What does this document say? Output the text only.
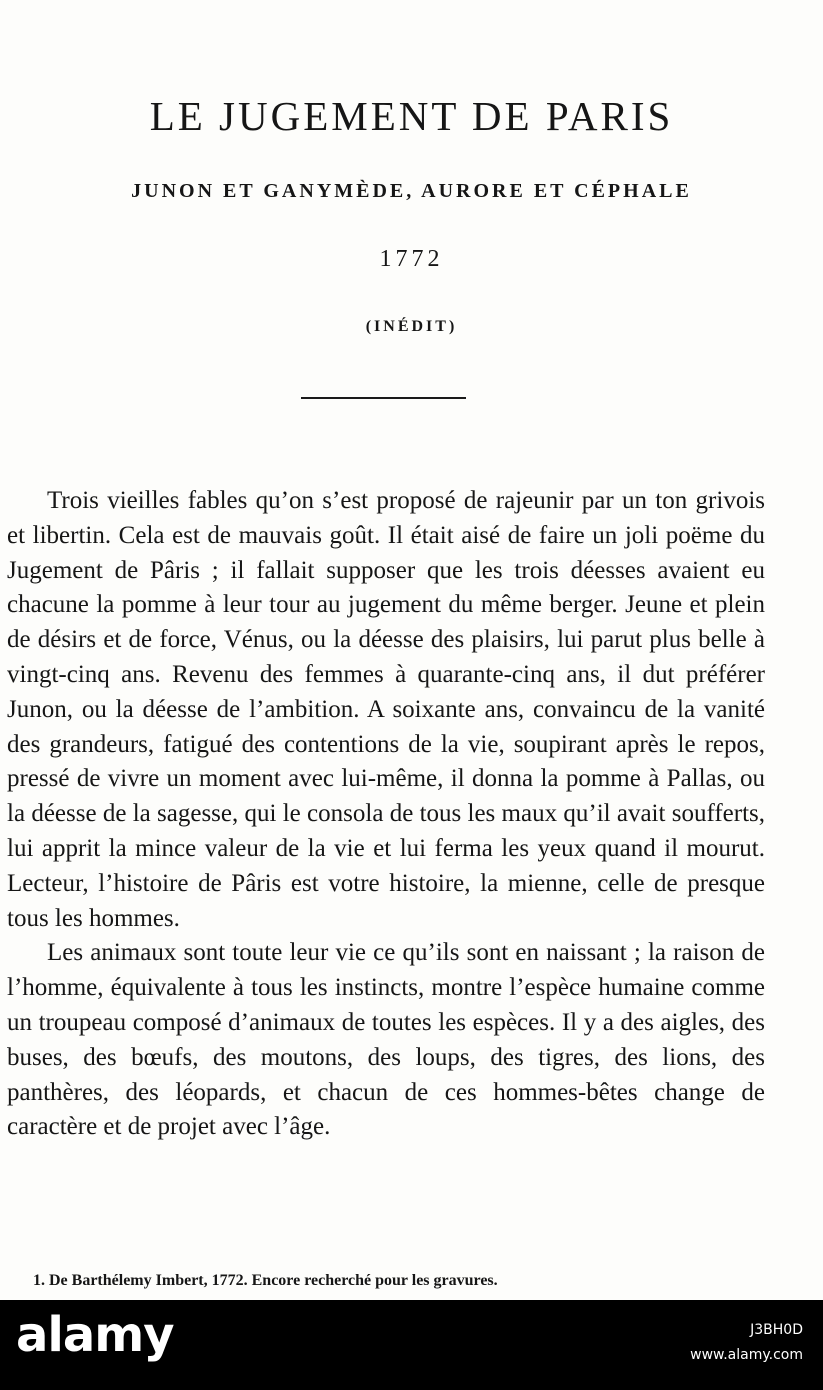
LE JUGEMENT DE PARIS
JUNON ET GANYMÈDE, AURORE ET CÉPHALE
1772
(INÉDIT)

Trois vieilles fables qu’on s’est proposé de rajeunir par un ton grivois et libertin. Cela est de mauvais goût. Il était aisé de faire un joli poëme du Jugement de Pâris ; il fallait supposer que les trois déesses avaient eu chacune la pomme à leur tour au jugement du même berger. Jeune et plein de désirs et de force, Vénus, ou la déesse des plaisirs, lui parut plus belle à vingt-cinq ans. Revenu des femmes à quarante-cinq ans, il dut préférer Junon, ou la déesse de l’ambition. A soixante ans, convaincu de la vanité des grandeurs, fatigué des contentions de la vie, soupirant après le repos, pressé de vivre un moment avec lui-même, il donna la pomme à Pallas, ou la déesse de la sagesse, qui le consola de tous les maux qu’il avait soufferts, lui apprit la mince valeur de la vie et lui ferma les yeux quand il mourut. Lecteur, l’histoire de Pâris est votre histoire, la mienne, celle de presque tous les hommes.

Les animaux sont toute leur vie ce qu’ils sont en naissant ; la raison de l’homme, équivalente à tous les instincts, montre l’espèce humaine comme un troupeau composé d’animaux de toutes les espèces. Il y a des aigles, des buses, des bœufs, des moutons, des loups, des tigres, des lions, des panthères, des léopards, et chacun de ces hommes-bêtes change de caractère et de projet avec l’âge.

1. De Barthélemy Imbert, 1772. Encore recherché pour les gravures.
alamy	J3BH0D
www.alamy.com
